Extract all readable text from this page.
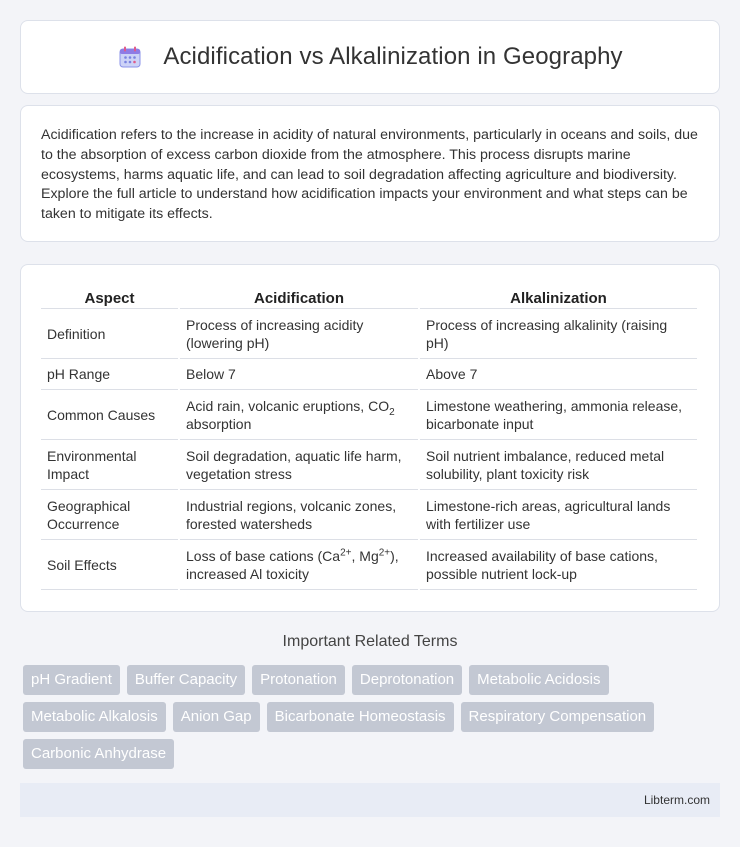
Acidification vs Alkalinization in Geography

Acidification refers to the increase in acidity of natural environments, particularly in oceans and soils, due to the absorption of excess carbon dioxide from the atmosphere. This process disrupts marine ecosystems, harms aquatic life, and can lead to soil degradation affecting agriculture and biodiversity. Explore the full article to understand how acidification impacts your environment and what steps can be taken to mitigate its effects.

Aspect	Acidification	Alkalinization
Definition	Process of increasing acidity (lowering pH)	Process of increasing alkalinity (raising pH)
pH Range	Below 7	Above 7
Common Causes	Acid rain, volcanic eruptions, $CO_2$ absorption	Limestone weathering, ammonia release, bicarbonate input
Environmental Impact	Soil degradation, aquatic life harm, vegetation stress	Soil nutrient imbalance, reduced metal solubility, plant toxicity risk
Geographical Occurrence	Industrial regions, volcanic zones, forested watersheds	Limestone-rich areas, agricultural lands with fertilizer use
Soil Effects	Loss of base cations ($Ca^{2+}$, $Mg^{2+}$), increased Al toxicity	Increased availability of base cations, possible nutrient lock-up
Important Related Terms
pH Gradient	Buffer Capacity	Protonation	Deprotonation	Metabolic Acidosis
Metabolic Alkalosis	Anion Gap	Bicarbonate Homeostasis	Respiratory Compensation
Carbonic Anhydrase
Libterm.com
